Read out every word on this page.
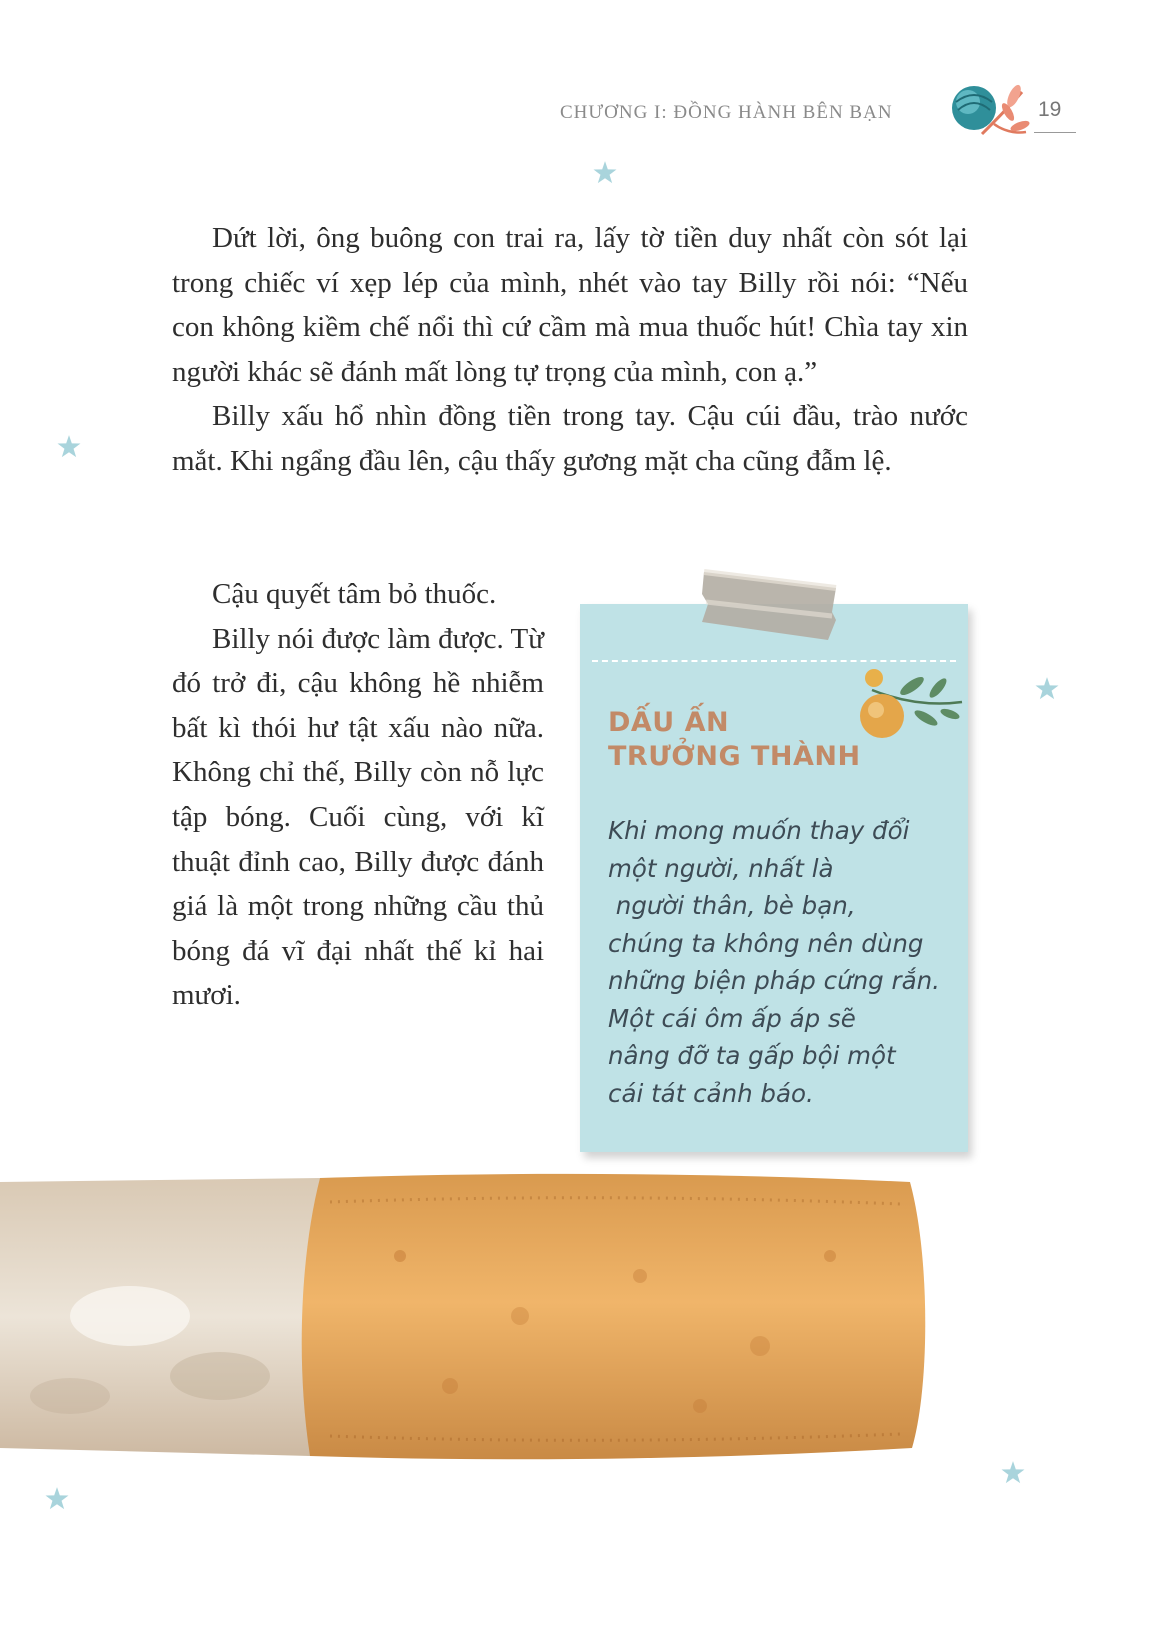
CHƯƠNG I: ĐỒNG HÀNH BÊN BẠN	19

Dứt lời, ông buông con trai ra, lấy tờ tiền duy nhất còn sót lại trong chiếc ví xẹp lép của mình, nhét vào tay Billy rồi nói: “Nếu con không kiềm chế nổi thì cứ cầm mà mua thuốc hút! Chìa tay xin người khác sẽ đánh mất lòng tự trọng của mình, con ạ.”

Billy xấu hổ nhìn đồng tiền trong tay. Cậu cúi đầu, trào nước mắt. Khi ngẩng đầu lên, cậu thấy gương mặt cha cũng đẫm lệ.

Cậu quyết tâm bỏ thuốc.

Billy nói được làm được. Từ đó trở đi, cậu không hề nhiễm bất kì thói hư tật xấu nào nữa. Không chỉ thế, Billy còn nỗ lực tập bóng. Cuối cùng, với kĩ thuật đỉnh cao, Billy được đánh giá là một trong những cầu thủ bóng đá vĩ đại nhất thế kỉ hai mươi.

DẤU ẤN
TRƯỞNG THÀNH
Khi mong muốn thay đổi
một người, nhất là
người thân, bè bạn,
chúng ta không nên dùng
những biện pháp cứng rắn.
Một cái ôm ấp áp sẽ
nâng đỡ ta gấp bội một
cái tát cảnh báo.
